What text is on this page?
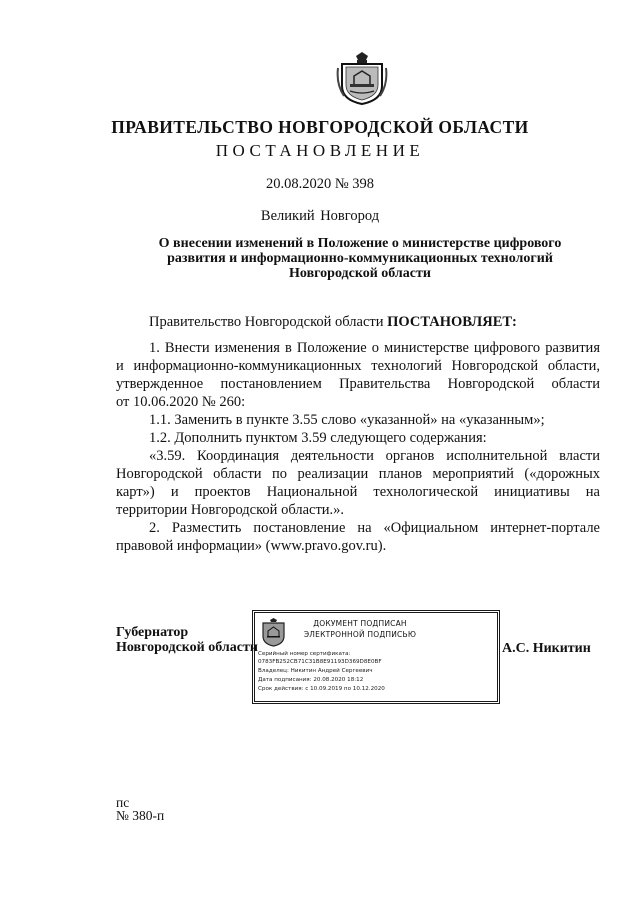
ПРАВИТЕЛЬСТВО НОВГОРОДСКОЙ ОБЛАСТИ
ПОСТАНОВЛЕНИЕ
20.08.2020 № 398
Великий Новгород
О внесении изменений в Положение о министерстве цифрового
развития и информационно-коммуникационных технологий
Новгородской области
Правительство Новгородской области ПОСТАНОВЛЯЕТ:
1. Внести изменения в Положение о министерстве цифрового развития
и информационно-коммуникационных технологий Новгородской области,
утвержденное постановлением Правительства Новгородской области
от 10.06.2020 № 260:
1.1. Заменить в пункте 3.55 слово «указанной» на «указанным»;
1.2. Дополнить пунктом 3.59 следующего содержания:
«3.59. Координация деятельности органов исполнительной власти
Новгородской области по реализации планов мероприятий («дорожных
карт») и проектов Национальной технологической инициативы на
территории Новгородской области.».
2. Разместить постановление на «Официальном интернет-портале
правовой информации» (www.pravo.gov.ru).
Губернатор
Новгородской области
ДОКУМЕНТ ПОДПИСАН
ЭЛЕКТРОННОЙ ПОДПИСЬЮ
Серийный номер сертификата:
0783FB252CB71C31B8E91193D369D8E0BF
Владелец: Никитин Андрей Сергеевич
Дата подписания: 20.08.2020 18:12
Срок действия: с 10.09.2019 по 10.12.2020
А.С. Никитин
пс
№ 380-п
